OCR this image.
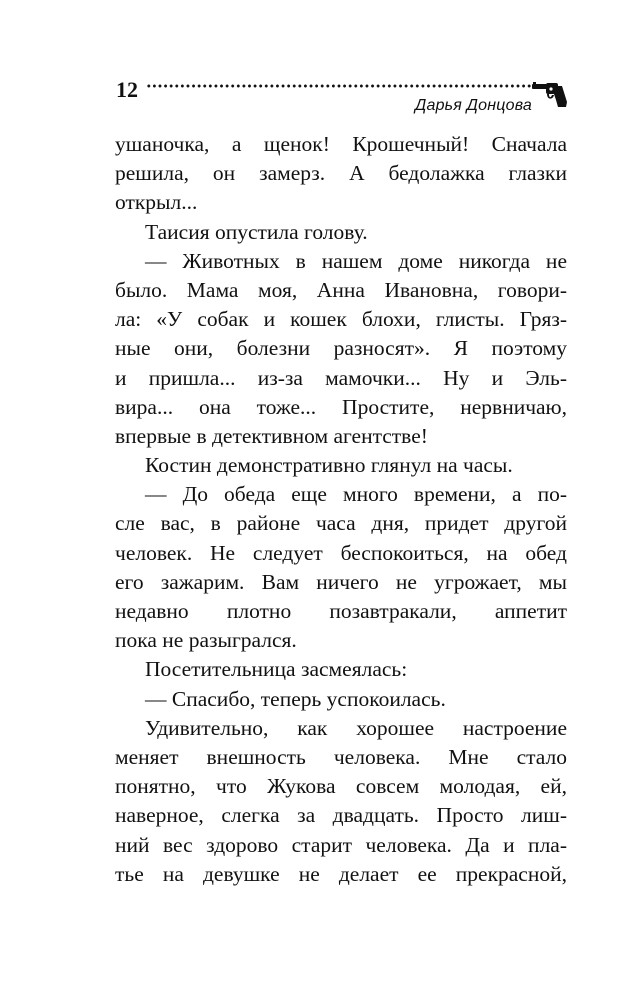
12
Дарья Донцова
ушаночка, а щенок! Крошечный! Сначала
решила, он замерз. А бедолажка глазки
открыл...
Таисия опустила голову.
— Животных в нашем доме никогда не
было. Мама моя, Анна Ивановна, говори-
ла: «У собак и кошек блохи, глисты. Гряз-
ные они, болезни разносят». Я поэтому
и пришла... из-за мамочки... Ну и Эль-
вира... она тоже... Простите, нервничаю,
впервые в детективном агентстве!
Костин демонстративно глянул на часы.
— До обеда еще много времени, а по-
сле вас, в районе часа дня, придет другой
человек. Не следует беспокоиться, на обед
его зажарим. Вам ничего не угрожает, мы
недавно плотно позавтракали, аппетит
пока не разыгрался.
Посетительница засмеялась:
— Спасибо, теперь успокоилась.
Удивительно, как хорошее настроение
меняет внешность человека. Мне стало
понятно, что Жукова совсем молодая, ей,
наверное, слегка за двадцать. Просто лиш-
ний вес здорово старит человека. Да и пла-
тье на девушке не делает ее прекрасной,
